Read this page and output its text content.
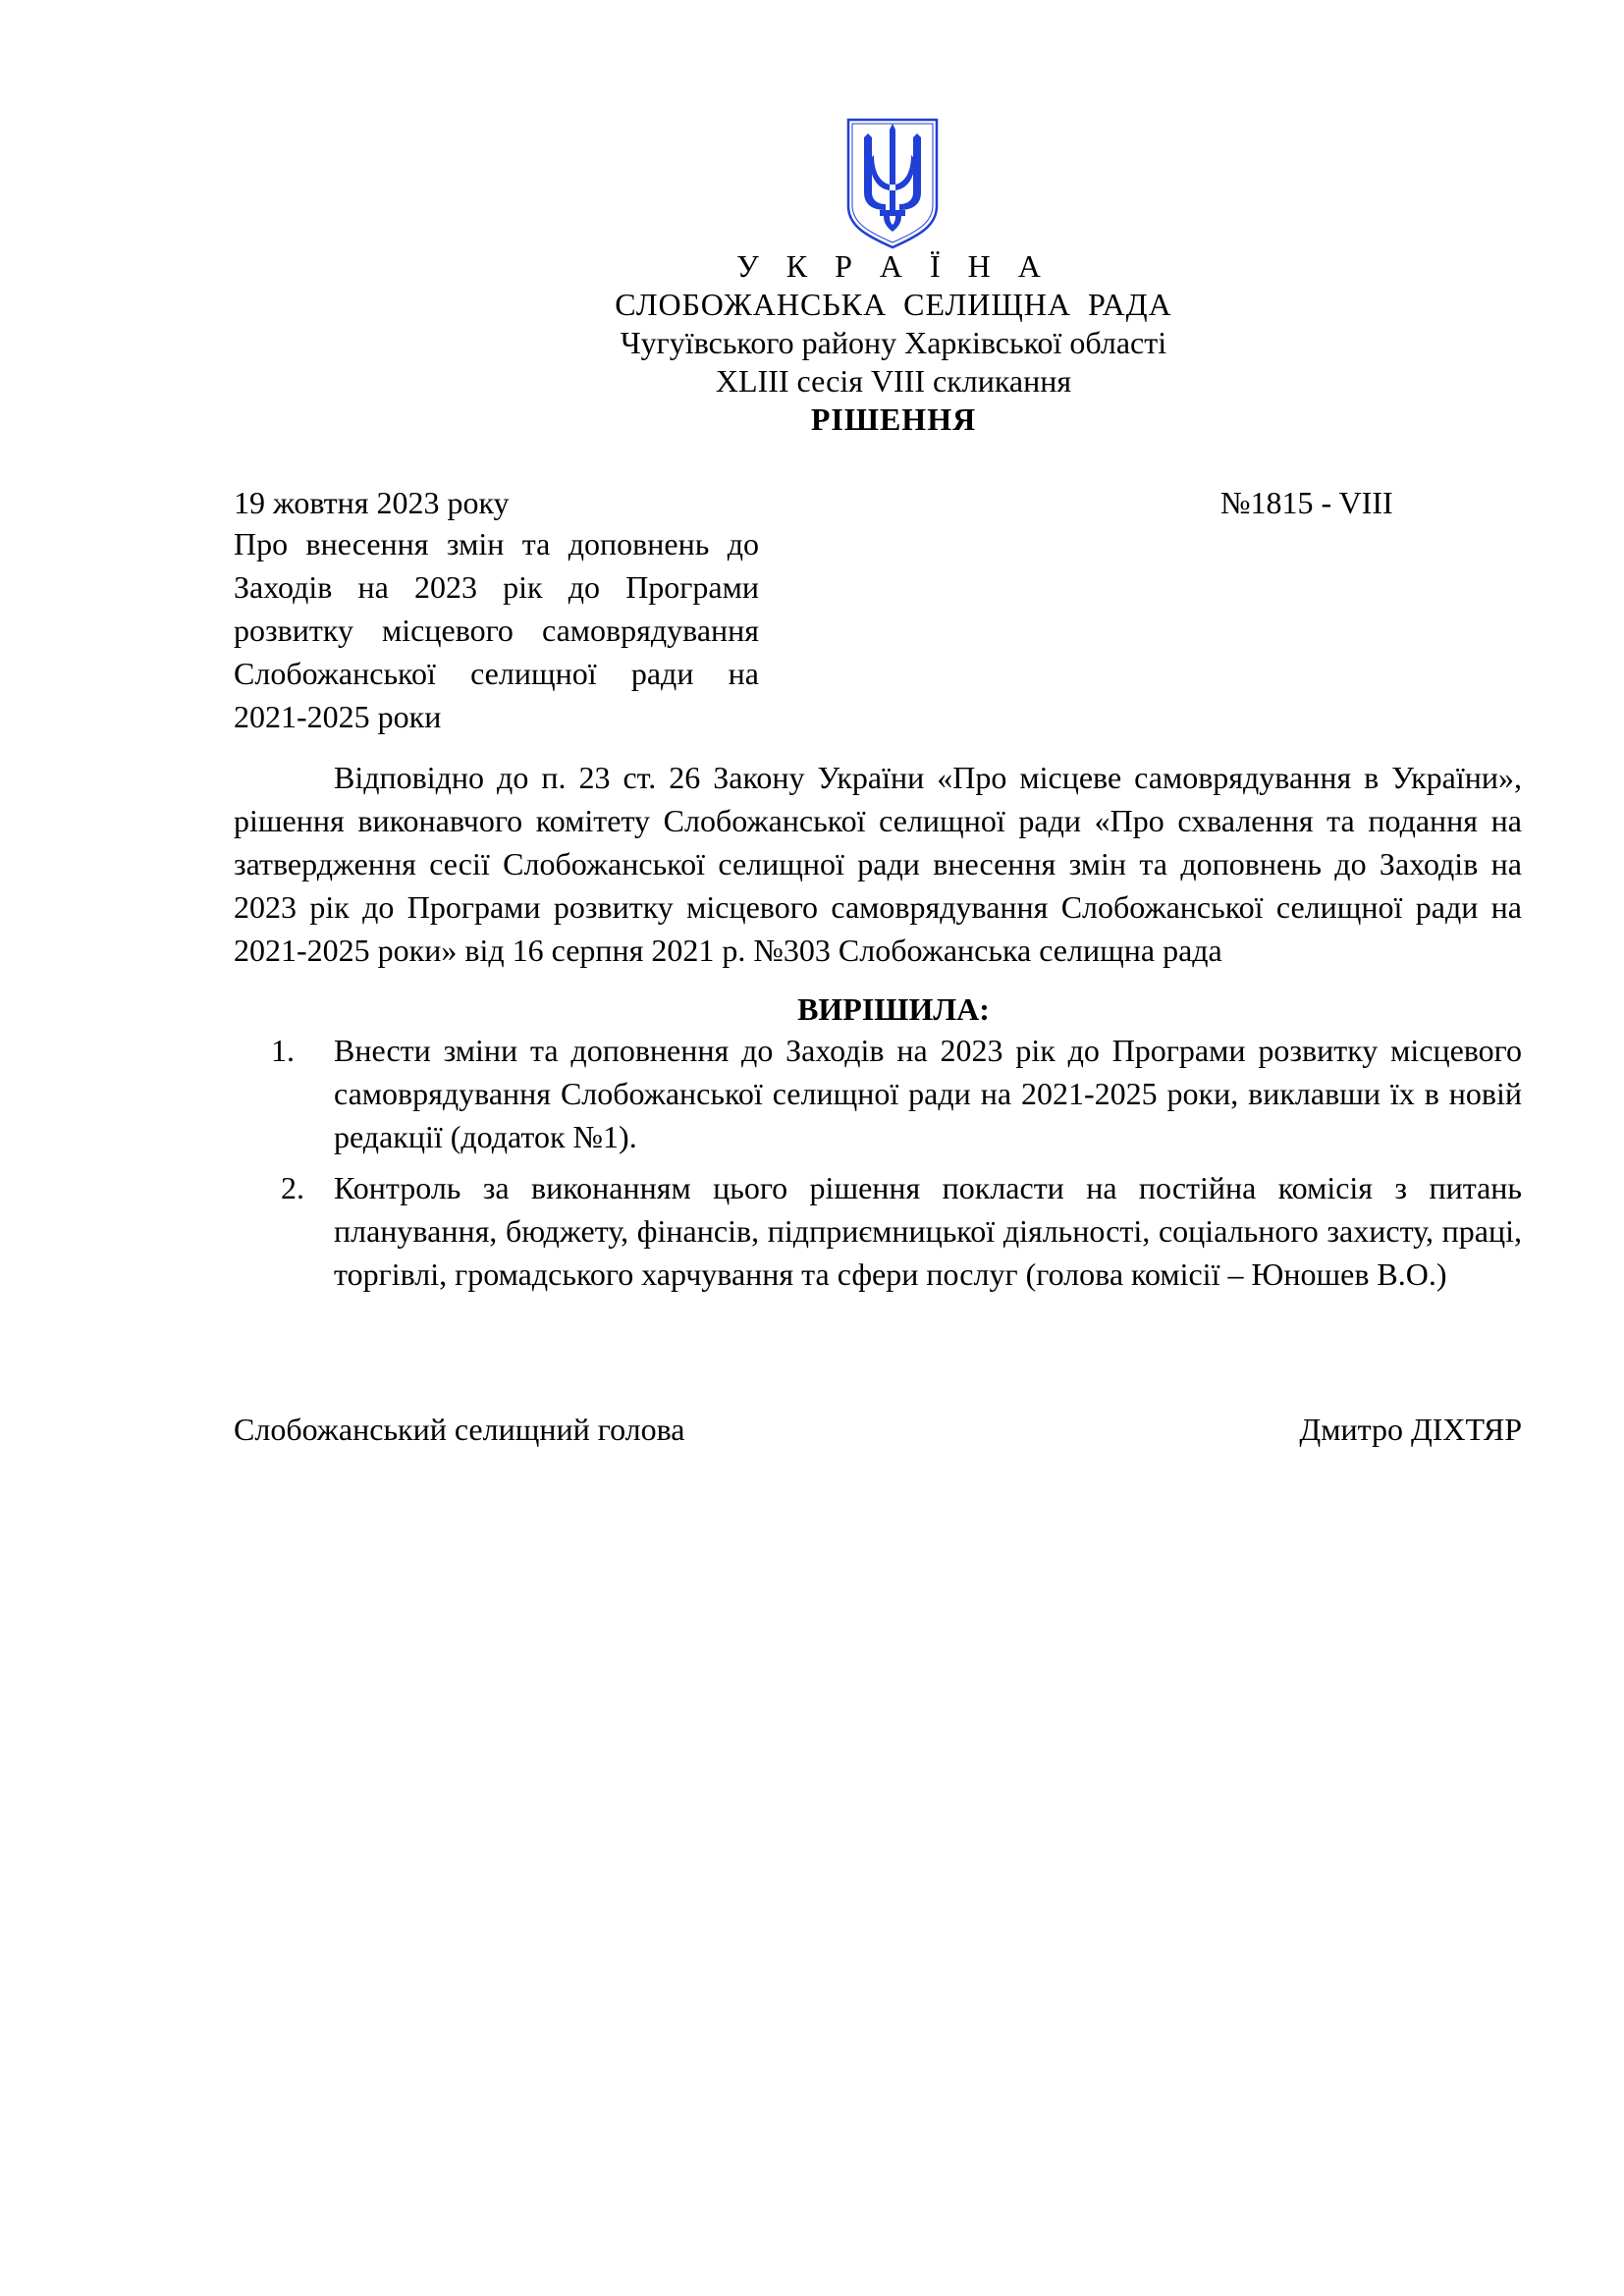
У К Р А Ї Н А
СЛОБОЖАНСЬКА СЕЛИЩНА РАДА
Чугуївського району Харківської області
XLIII сесія VIII скликання
РІШЕННЯ
19 жовтня 2023 року	№1815 - VIII
Про внесення змін та доповнень до Заходів на 2023 рік до Програми розвитку місцевого самоврядування Слобожанської селищної ради на 2021-2025 роки
Відповідно до п. 23 ст. 26 Закону України «Про місцеве самоврядування в України», рішення виконавчого комітету Слобожанської селищної ради «Про схвалення та подання на затвердження сесії Слобожанської селищної ради внесення змін та доповнень до Заходів на 2023 рік до Програми розвитку місцевого самоврядування Слобожанської селищної ради на 2021-2025 роки» від 16 серпня 2021 р. №303 Слобожанська селищна рада
ВИРІШИЛА:
1. Внести зміни та доповнення до Заходів на 2023 рік до Програми розвитку місцевого самоврядування Слобожанської селищної ради на 2021-2025 роки, виклавши їх в новій редакції (додаток №1).
2. Контроль за виконанням цього рішення покласти на постійна комісія з питань планування, бюджету, фінансів, підприємницької діяльності, соціального захисту, праці, торгівлі, громадського харчування та сфери послуг (голова комісії – Юношев В.О.)
Слобожанський селищний голова	Дмитро ДІХТЯР
